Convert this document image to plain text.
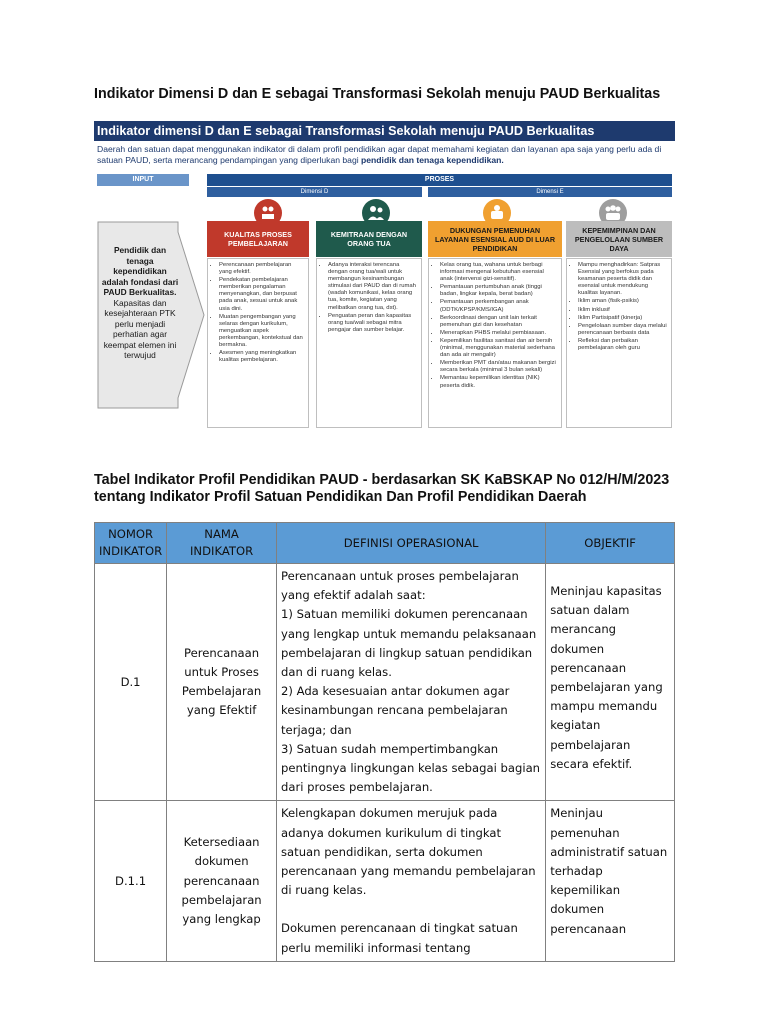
Indikator Dimensi D dan E sebagai Transformasi Sekolah menuju PAUD Berkualitas
Indikator dimensi D dan E sebagai Transformasi Sekolah menuju PAUD Berkualitas
Daerah dan satuan dapat menggunakan indikator di dalam profil pendidikan agar dapat memahami kegiatan dan layanan apa saja yang perlu ada di satuan PAUD, serta merancang pendampingan yang diperlukan bagi pendidik dan tenaga kependidikan.
INPUT	PROSES
Dimensi D	Dimensi E
Pendidik dan tenaga kependidikan adalah fondasi dari PAUD Berkualitas.
Kapasitas dan kesejahteraan PTK perlu menjadi perhatian agar keempat elemen ini terwujud
KUALITAS PROSES PEMBELAJARAN
KEMITRAAN DENGAN ORANG TUA
DUKUNGAN PEMENUHAN LAYANAN ESENSIAL AUD DI LUAR PENDIDIKAN
KEPEMIMPINAN DAN PENGELOLAAN SUMBER DAYA
• Perencanaan pembelajaran yang efektif.
• Pendekatan pembelajaran memberikan pengalaman menyenangkan, dan berpusat pada anak, sesuai untuk anak usia dini.
• Muatan pengembangan yang selaras dengan kurikulum, menguatkan aspek perkembangan, kontekstual dan bermakna.
• Asesmen yang meningkatkan kualitas pembelajaran.
• Adanya interaksi terencana dengan orang tua/wali untuk membangun kesinambungan stimulasi dari PAUD dan di rumah (wadah komunikasi, kelas orang tua, komite, kegiatan yang melibatkan orang tua, dst).
• Penguatan peran dan kapasitas orang tua/wali sebagai mitra pengajar dan sumber belajar.
• Kelas orang tua, wahana untuk berbagi informasi mengenai kebutuhan esensial anak (intervensi gizi-sensitif).
• Pemantauan pertumbuhan anak (tinggi badan, lingkar kepala, berat badan)
• Pemantauan perkembangan anak (DDTK/KPSP/KMS/IGA)
• Berkoordinasi dengan unit lain terkait pemenuhan gizi dan kesehatan
• Menerapkan PHBS melalui pembiasaan.
• Kepemilikan fasilitas sanitasi dan air bersih (minimal, menggunakan material sederhana dan ada air mengalir)
• Memberikan PMT dan/atau makanan bergizi secara berkala (minimal 3 bulan sekali)
• Memantau kepemilikan identitas (NIK) peserta didik.
• Mampu menghadirkan: Satpras Esensial yang berfokus pada keamanan peserta didik dan esensial untuk mendukung kualitas layanan.
• Iklim aman (fisik-psikis)
• Iklim inklusif
• Iklim Partisipatif (kinerja)
• Pengelolaan sumber daya melalui perencanaan berbasis data
• Refleksi dan perbaikan pembelajaran oleh guru
Tabel Indikator Profil Pendidikan PAUD - berdasarkan SK KaBSKAP No 012/H/M/2023 tentang Indikator Profil Satuan Pendidikan Dan Profil Pendidikan Daerah
NOMOR INDIKATOR	NAMA INDIKATOR	DEFINISI OPERASIONAL	OBJEKTIF
D.1	Perencanaan untuk Proses Pembelajaran yang Efektif	Perencanaan untuk proses pembelajaran yang efektif adalah saat:
1) Satuan memiliki dokumen perencanaan yang lengkap untuk memandu pelaksanaan pembelajaran di lingkup satuan pendidikan dan di ruang kelas.
2) Ada kesesuaian antar dokumen agar kesinambungan rencana pembelajaran terjaga; dan
3) Satuan sudah mempertimbangkan pentingnya lingkungan kelas sebagai bagian dari proses pembelajaran.	Meninjau kapasitas satuan dalam merancang dokumen perencanaan pembelajaran yang mampu memandu kegiatan pembelajaran secara efektif.
D.1.1	Ketersediaan dokumen perencanaan pembelajaran yang lengkap	Kelengkapan dokumen merujuk pada adanya dokumen kurikulum di tingkat satuan pendidikan, serta dokumen perencanaan yang memandu pembelajaran di ruang kelas.
Dokumen perencanaan di tingkat satuan perlu memiliki informasi tentang	Meninjau pemenuhan administratif satuan terhadap kepemilikan dokumen perencanaan
